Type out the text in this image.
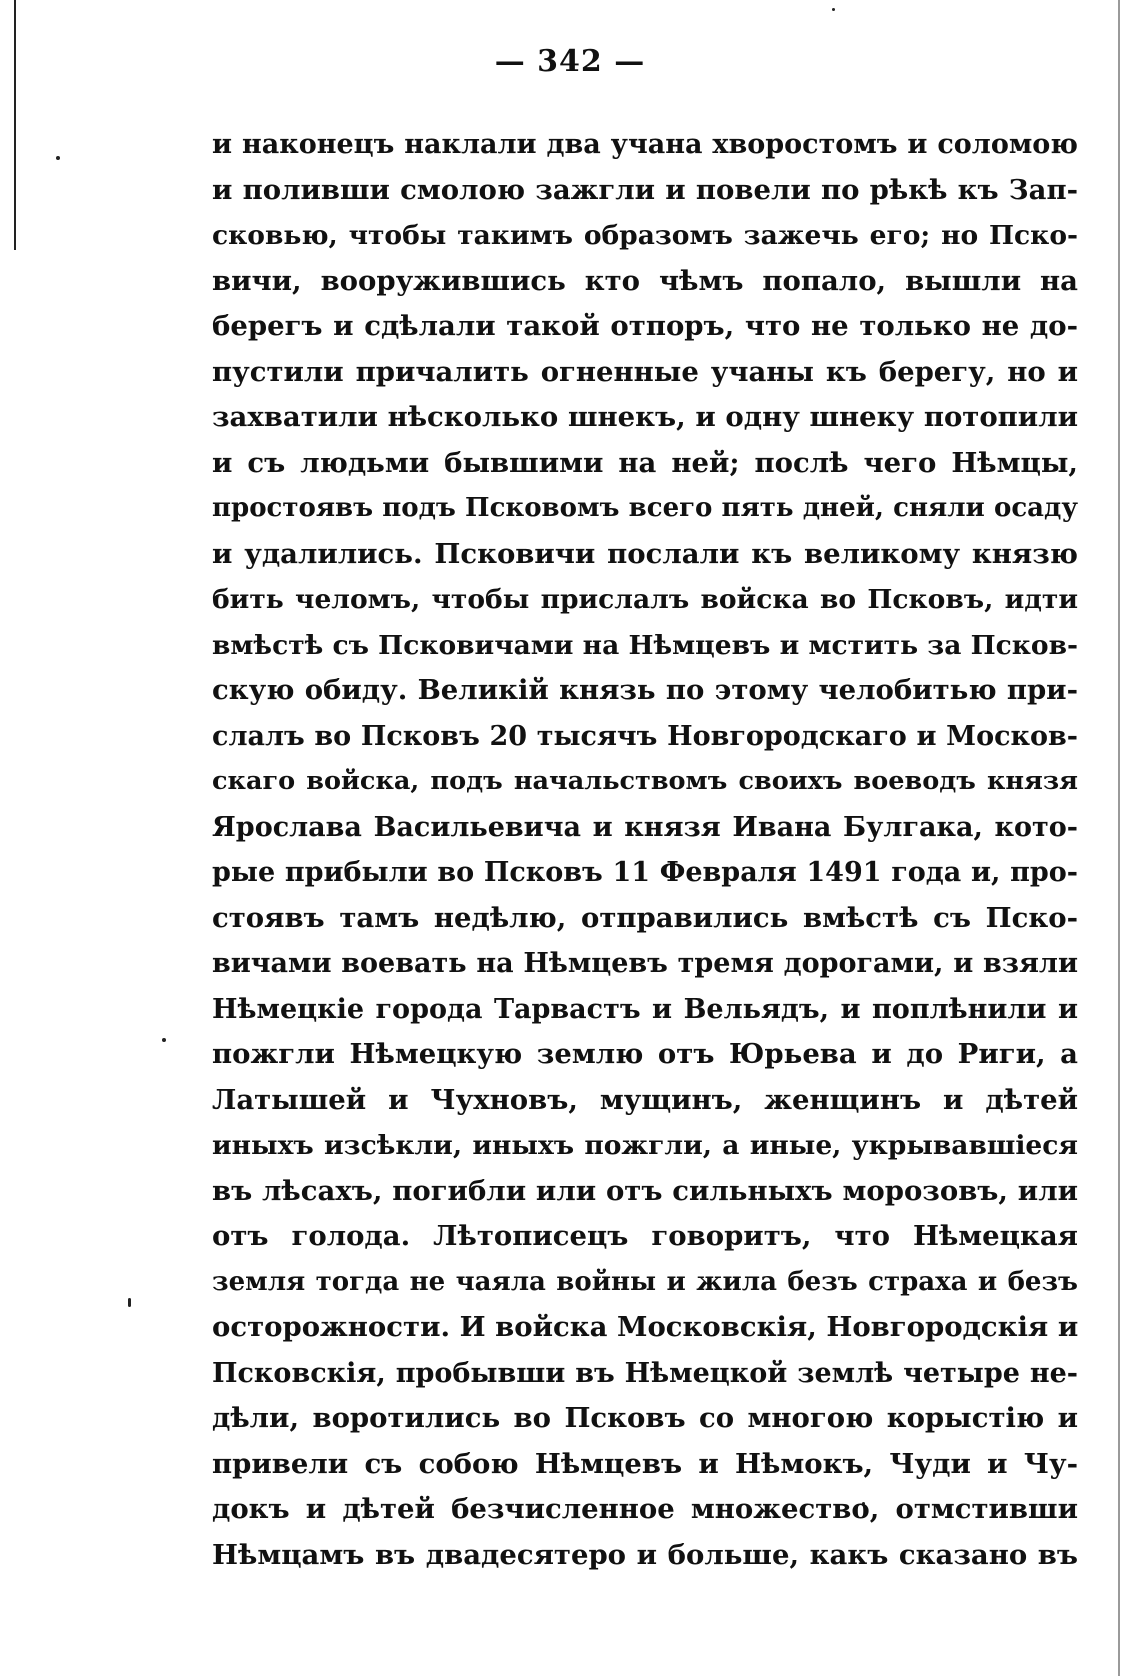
— 342 —
и наконецъ наклали два учана хворостомъ и соломою
и поливши смолою зажгли и повели по рѣкѣ къ Зап-
сковью, чтобы такимъ образомъ зажечь его; но Пско-
вичи, вооружившись кто чѣмъ попало, вышли на
берегъ и сдѣлали такой отпоръ, что не только не до-
пустили причалить огненные учаны къ берегу, но и
захватили нѣсколько шнекъ, и одну шнеку потопили
и съ людьми бывшими на ней; послѣ чего Нѣмцы,
простоявъ подъ Псковомъ всего пять дней, сняли осаду
и удалились. Псковичи послали къ великому князю
бить челомъ, чтобы прислалъ войска во Псковъ, идти
вмѣстѣ съ Псковичами на Нѣмцевъ и мстить за Псков-
скую обиду. Великій князь по этому челобитью при-
слалъ во Псковъ 20 тысячъ Новгородскаго и Москов-
скаго войска, подъ начальствомъ своихъ воеводъ князя
Ярослава Васильевича и князя Ивана Булгака, кото-
рые прибыли во Псковъ 11 Февраля 1491 года и, про-
стоявъ тамъ недѣлю, отправились вмѣстѣ съ Пско-
вичами воевать на Нѣмцевъ тремя дорогами, и взяли
Нѣмецкіе города Тарвастъ и Вельядъ, и поплѣнили и
пожгли Нѣмецкую землю отъ Юрьева и до Риги, а
Латышей и Чухновъ, мущинъ, женщинъ и дѣтей
иныхъ изсѣкли, иныхъ пожгли, а иные, укрывавшіеся
въ лѣсахъ, погибли или отъ сильныхъ морозовъ, или
отъ голода. Лѣтописецъ говоритъ, что Нѣмецкая
земля тогда не чаяла войны и жила безъ страха и безъ
осторожности. И войска Московскія, Новгородскія и
Псковскія, пробывши въ Нѣмецкой землѣ четыре не-
дѣли, воротились во Псковъ со многою корыстію и
привели съ собою Нѣмцевъ и Нѣмокъ, Чуди и Чу-
докъ и дѣтей безчисленное множество, отмстивши
Нѣмцамъ въ двадесятеро и больше, какъ сказано въ
